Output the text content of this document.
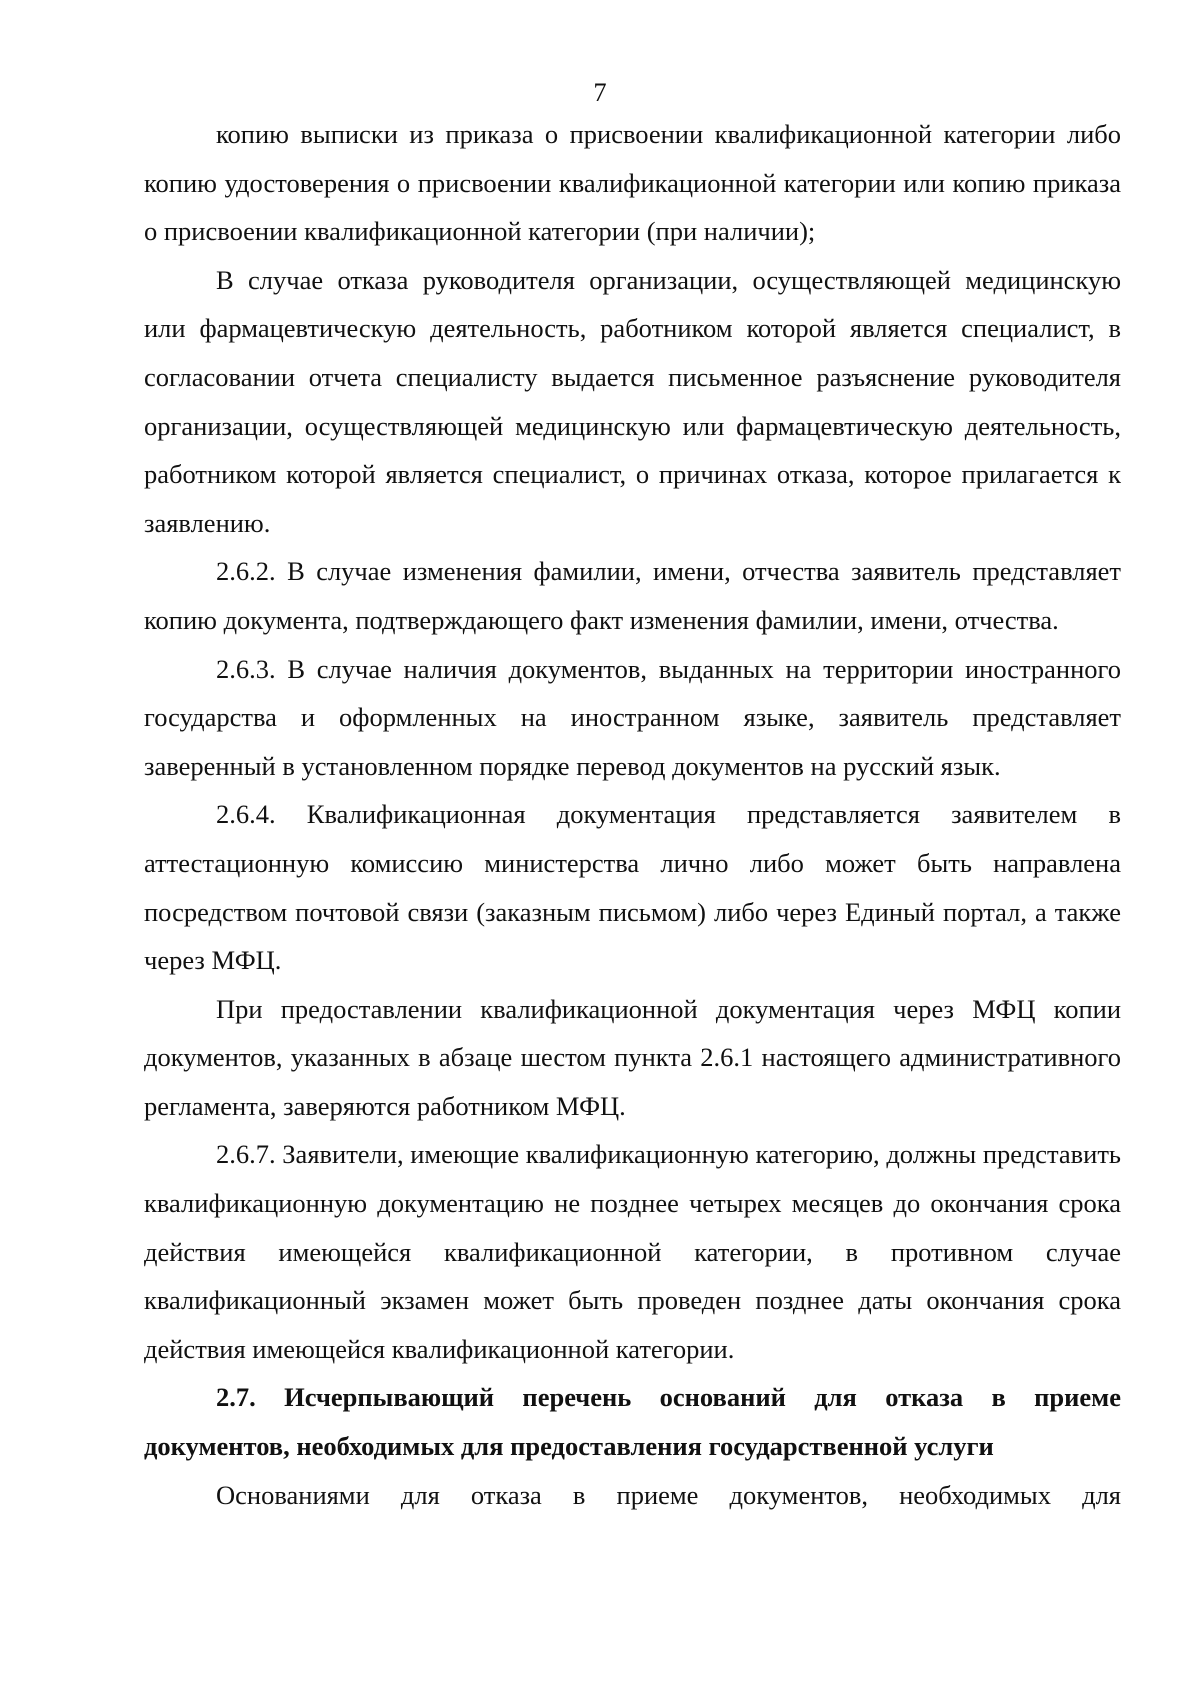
7

копию выписки из приказа о присвоении квалификационной категории либо копию удостоверения о присвоении квалификационной категории или копию приказа о присвоении квалификационной категории (при наличии);

В случае отказа руководителя организации, осуществляющей медицинскую или фармацевтическую деятельность, работником которой является специалист, в согласовании отчета специалисту выдается письменное разъяснение руководителя организации, осуществляющей медицинскую или фармацевтическую деятельность, работником которой является специалист, о причинах отказа, которое прилагается к заявлению.

2.6.2. В случае изменения фамилии, имени, отчества заявитель представляет копию документа, подтверждающего факт изменения фамилии, имени, отчества.

2.6.3. В случае наличия документов, выданных на территории иностранного государства и оформленных на иностранном языке, заявитель представляет заверенный в установленном порядке перевод документов на русский язык.

2.6.4. Квалификационная документация представляется заявителем в аттестационную комиссию министерства лично либо может быть направлена посредством почтовой связи (заказным письмом) либо через Единый портал, а также через МФЦ.

При предоставлении квалификационной документация через МФЦ копии документов, указанных в абзаце шестом пункта 2.6.1 настоящего административного регламента, заверяются работником МФЦ.

2.6.7. Заявители, имеющие квалификационную категорию, должны представить квалификационную документацию не позднее четырех месяцев до окончания срока действия имеющейся квалификационной категории, в противном случае квалификационный экзамен может быть проведен позднее даты окончания срока действия имеющейся квалификационной категории.

2.7. Исчерпывающий перечень оснований для отказа в приеме документов, необходимых для предоставления государственной услуги

Основаниями для отказа в приеме документов, необходимых для
